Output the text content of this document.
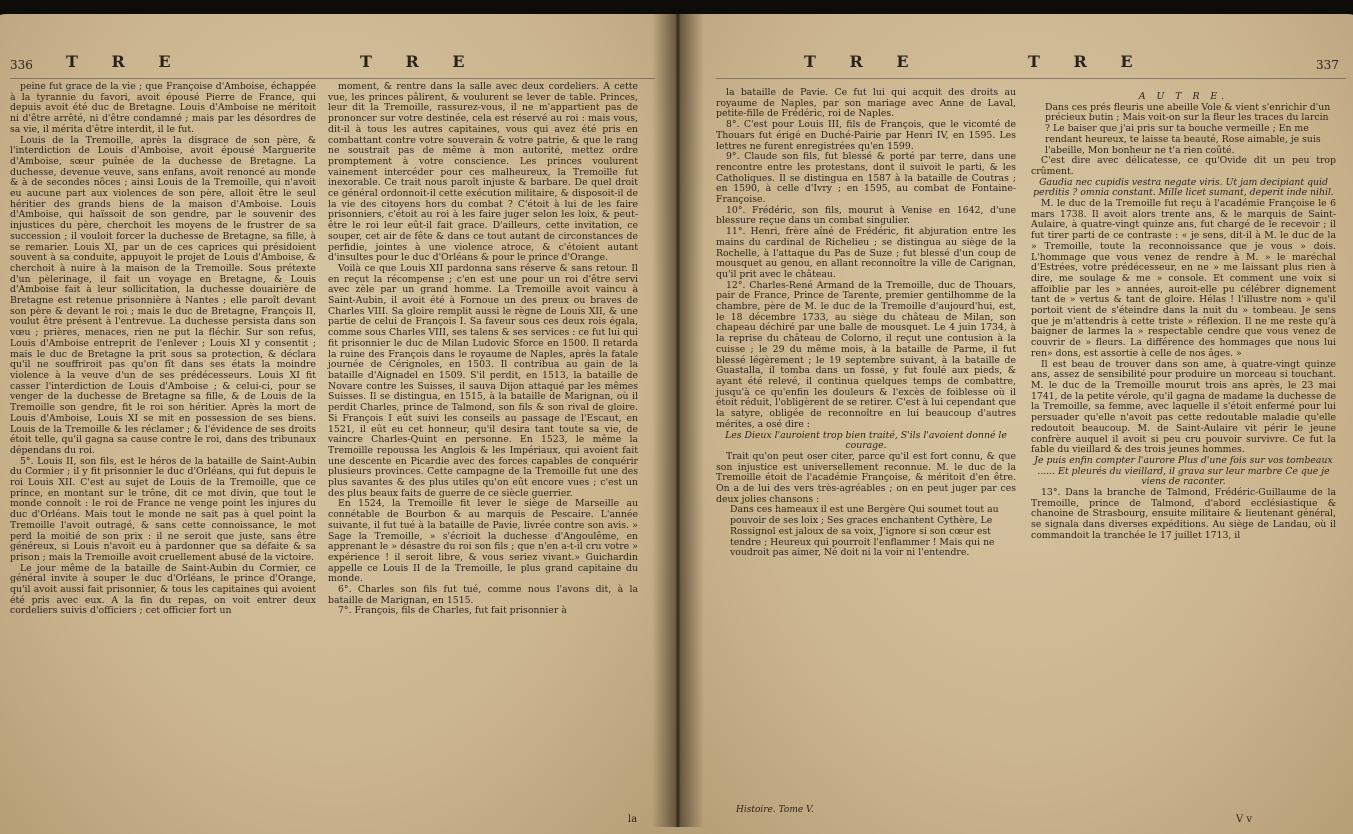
336 T R E	T R E

peine fut grace de la vie ; que Françoise d'Amboise, échappée à la tyrannie du favori, avoit épousé Pierre de France, qui depuis avoit été duc de Bretagne. Louis d'Amboise ne méritoit ni d'être arrêté, ni d'être condamné ; mais par les désordres de sa vie, il mérita d'être interdit, il le fut.

Louis de la Tremoille, après la disgrace de son père, & l'interdiction de Louis d'Amboise, avoit épousé Marguerite d'Amboise, sœur puînée de la duchesse de Bretagne. La duchesse, devenue veuve, sans enfans, avoit renoncé au monde & à de secondes nôces ; ainsi Louis de la Tremoille, qui n'avoit eu aucune part aux violences de son père, alloit être le seul héritier des grands biens de la maison d'Amboise. Louis d'Amboise, qui haïssoit de son gendre, par le souvenir des injustices du père, cherchoit les moyens de le frustrer de sa succession ; il vouloit forcer la duchesse de Bretagne, sa fille, à se remarier. Louis XI, par un de ces caprices qui présidoient souvent à sa conduite, appuyoit le projet de Louis d'Amboise, & cherchoit à nuire à la maison de la Tremoille. Sous prétexte d'un pèlerinage, il fait un voyage en Bretagne, & Louis d'Amboise fait à leur sollicitation, la duchesse douairière de Bretagne est retenue prisonnière à Nantes ; elle paroît devant son père & devant le roi ; mais le duc de Bretagne, François II, voulut être présent à l'entrevue. La duchesse persista dans son vœu ; prières, menaces, rien ne put la fléchir. Sur son refus, Louis d'Amboise entreprit de l'enlever ; Louis XI y consentit ; mais le duc de Bretagne la prit sous sa protection, & déclara qu'il ne souffriroit pas qu'on fît dans ses états la moindre violence à la veuve d'un de ses prédécesseurs. Louis XI fit casser l'interdiction de Louis d'Amboise ; & celui-ci, pour se venger de la duchesse de Bretagne sa fille, & de Louis de la Tremoille son gendre, fit le roi son héritier. Après la mort de Louis d'Amboise, Louis XI se mit en possession de ses biens. Louis de la Tremoille & les réclamer ; & l'évidence de ses droits étoit telle, qu'il gagna sa cause contre le roi, dans des tribunaux dépendans du roi.

5°. Louis II, son fils, est le héros de la bataille de Saint-Aubin du Cormier ; il y fit prisonnier le duc d'Orléans, qui fut depuis le roi Louis XII. C'est au sujet de Louis de la Tremoille, que ce prince, en montant sur le trône, dit ce mot divin, que tout le monde connoît : le roi de France ne venge point les injures du duc d'Orléans. Mais tout le monde ne sait pas à quel point la Tremoille l'avoit outragé, & sans cette connoissance, le mot perd la moitié de son prix : il ne seroit que juste, sans être généreux, si Louis n'avoit eu à pardonner que sa défaite & sa prison ; mais la Tremoille avoit cruellement abusé de la victoire.

Le jour même de la bataille de Saint-Aubin du Cormier, ce général invite à souper le duc d'Orléans, le prince d'Orange, qu'il avoit aussi fait prisonnier, & tous les capitaines qui avoient été pris avec eux. A la fin du repas, on voit entrer deux cordeliers suivis d'officiers ; cet officier fort un

moment, & rentre dans la salle avec deux cordeliers. A cette vue, les princes pâlirent, & voulurent se lever de table. Princes, leur dit la Tremoille, rassurez-vous, il ne m'appartient pas de prononcer sur votre destinée, cela est réservé au roi : mais vous, dit-il à tous les autres capitaines, vous qui avez été pris en combattant contre votre souverain & votre patrie, & que le rang ne soustrait pas de même à mon autorité, mettez ordre promptement à votre conscience. Les princes voulurent vainement intercéder pour ces malheureux, la Tremoille fut inexorable. Ce trait nous paroît injuste & barbare. De quel droit ce général ordonnoit-il cette exécution militaire, & disposoit-il de la vie des citoyens hors du combat ? C'étoit à lui de les faire prisonniers, c'étoit au roi à les faire juger selon les loix, & peut-être le roi leur eût-il fait grace. D'ailleurs, cette invitation, ce souper, cet air de fête & dans ce tout autant de circonstances de perfidie, jointes à une violence atroce, & c'étoient autant d'insultes pour le duc d'Orléans & pour le prince d'Orange.

Voilà ce que Louis XII pardonna sans réserve & sans retour. Il en reçut la récompense ; c'en est une pour un roi d'être servi avec zèle par un grand homme. La Tremoille avoit vaincu à Saint-Aubin, il avoit été à Fornoue un des preux ou braves de Charles VIII. Sa gloire remplit aussi le règne de Louis XII, & une partie de celui de François I. Sa faveur sous ces deux rois égala, comme sous Charles VIII, ses talens & ses services : ce fut lui qui fit prisonnier le duc de Milan Ludovic Sforce en 1500. Il retarda la ruine des François dans le royaume de Naples, après la fatale journée de Cérignoles, en 1503. Il contribua au gain de la bataille d'Aignadel en 1509. S'il perdit, en 1513, la bataille de Novare contre les Suisses, il sauva Dijon attaqué par les mêmes Suisses. Il se distingua, en 1515, à la bataille de Marignan, où il perdit Charles, prince de Talmond, son fils & son rival de gloire. Si François I eût suivi les conseils au passage de l'Escaut, en 1521, il eût eu cet honneur, qu'il desira tant toute sa vie, de vaincre Charles-Quint en personne. En 1523, le même la Tremoille repoussa les Anglois & les Impériaux, qui avoient fait une descente en Picardie avec des forces capables de conquérir plusieurs provinces. Cette campagne de la Tremoille fut une des plus savantes & des plus utiles qu'on eût encore vues ; c'est un des plus beaux faits de guerre de ce siècle guerrier.

En 1524, la Tremoille fit lever le siège de Marseille au connétable de Bourbon & au marquis de Pescaire. L'année suivante, il fut tué à la bataille de Pavie, livrée contre son avis. » Sage la Tremoille, » s'écrioit la duchesse d'Angoulême, en apprenant le » désastre du roi son fils ; que n'en a-t-il cru votre » expérience ! il seroit libre, & vous seriez vivant.» Guichardin appelle ce Louis II de la Tremoille, le plus grand capitaine du monde.

6°. Charles son fils fut tué, comme nous l'avons dit, à la bataille de Marignan, en 1515.

7°. François, fils de Charles, fut fait prisonnier à

la
T R E	T R E	337

la bataille de Pavie. Ce fut lui qui acquit des droits au royaume de Naples, par son mariage avec Anne de Laval, petite-fille de Frédéric, roi de Naples.

8°. C'est pour Louis III, fils de François, que le vicomté de Thouars fut érigé en Duché-Pairie par Henri IV, en 1595. Les lettres ne furent enregistrées qu'en 1599.

9°. Claude son fils, fut blessé & porté par terre, dans une rencontre entre les protestans, dont il suivoit le parti, & les Catholiques. Il se distingua en 1587 à la bataille de Coutras ; en 1590, à celle d'Ivry ; en 1595, au combat de Fontaine-Françoise.

10°. Frédéric, son fils, mourut à Venise en 1642, d'une blessure reçue dans un combat singulier.

11°. Henri, frère aîné de Frédéric, fit abjuration entre les mains du cardinal de Richelieu ; se distingua au siège de la Rochelle, à l'attaque du Pas de Suze ; fut blessé d'un coup de mousquet au genou, en allant reconnoître la ville de Carignan, qu'il prit avec le château.

12°. Charles-René Armand de la Tremoille, duc de Thouars, pair de France, Prince de Tarente, premier gentilhomme de la chambre, père de M. le duc de la Tremoille d'aujourd'hui, est, le 18 décembre 1733, au siège du château de Milan, son chapeau déchiré par une balle de mousquet. Le 4 juin 1734, à la reprise du château de Colorno, il reçut une contusion à la cuisse ; le 29 du même mois, à la bataille de Parme, il fut blessé légèrement ; le 19 septembre suivant, à la bataille de Guastalla, il tomba dans un fossé, y fut foulé aux pieds, & ayant été relevé, il continua quelques temps de combattre, jusqu'à ce qu'enfin les douleurs & l'excès de foiblesse où il étoit réduit, l'obligèrent de se retirer. C'est à lui cependant que la satyre, obligée de reconnoître en lui beaucoup d'autres mérites, a osé dire :

Les Dieux l'auroient trop bien traité, S'ils l'avoient donné le courage.

Trait qu'on peut oser citer, parce qu'il est fort connu, & que son injustice est universellement reconnue. M. le duc de la Tremoille étoit de l'académie Françoise, & méritoit d'en être. On a de lui des vers très-agréables ; on en peut juger par ces deux jolies chansons :

Dans ces hameaux il est une Bergère Qui soumet tout au pouvoir de ses loix ; Ses graces enchantent Cythère, Le Rossignol est jaloux de sa voix, J'ignore si son cœur est tendre ; Heureux qui pourroit l'enflammer ! Mais qui ne voudroit pas aimer, Né doit ni la voir ni l'entendre.

Histoire. Tome V.

A U T R E.

Dans ces prés fleuris une abeille Vole & vient s'enrichir d'un précieux butin ; Mais voit-on sur la fleur les traces du larcin ? Le baiser que j'ai pris sur ta bouche vermeille ; En me rendant heureux, te laisse ta beauté, Rose aimable, je suis l'abeille, Mon bonheur ne t'a rien coûté.

C'est dire avec délicatesse, ce qu'Ovide dit un peu trop crûment.

Gaudia nec cupidis vestra negate viris. Ut jam decipiant quid perditis ? omnia constant. Mille licet sumant, deperit inde nihil.

M. le duc de la Tremoille fut reçu à l'académie Françoise le 6 mars 1738. Il avoit alors trente ans, & le marquis de Saint-Aulaire, à quatre-vingt quinze ans, fut chargé de le recevoir ; il fut tirer parti de ce contraste : « je sens, dit-il à M. le duc de la » Tremoille, toute la reconnoissance que je vous » dois. L'hommage que vous venez de rendre à M. » le maréchal d'Estrées, votre prédécesseur, en ne » me laissant plus rien à dire, me soulage & me » console. Et comment une voix si affoiblie par les » années, auroit-elle pu célébrer dignement tant de » vertus & tant de gloire. Hélas ! l'illustre nom » qu'il portoit vient de s'éteindre dans la nuit du » tombeau. Je sens que je m'attendris à cette triste » réflexion. Il ne me reste qu'à baigner de larmes la » respectable cendre que vous venez de couvrir de » fleurs. La différence des hommages que nous lui ren» dons, est assortie à celle de nos âges. »

Il est beau de trouver dans son ame, à quatre-vingt quinze ans, assez de sensibilité pour produire un morceau si touchant. M. le duc de la Tremoille mourut trois ans après, le 23 mai 1741, de la petite vérole, qu'il gagna de madame la duchesse de la Tremoille, sa femme, avec laquelle il s'étoit enfermé pour lui persuader qu'elle n'avoit pas cette redoutable maladie qu'elle redoutoit beaucoup. M. de Saint-Aulaire vit périr le jeune confrère auquel il avoit si peu cru pouvoir survivre. Ce fut la fable du vieillard & des trois jeunes hommes.

Je puis enfin compter l'aurore Plus d'une fois sur vos tombeaux ...... Et pleurés du vieillard, il grava sur leur marbre Ce que je viens de raconter.

13°. Dans la branche de Talmond, Frédéric-Guillaume de la Tremoille, prince de Talmond, d'abord ecclésiastique & chanoine de Strasbourg, ensuite militaire & lieutenant général, se signala dans diverses expéditions. Au siège de Landau, où il commandoit la tranchée le 17 juillet 1713, il

V v
